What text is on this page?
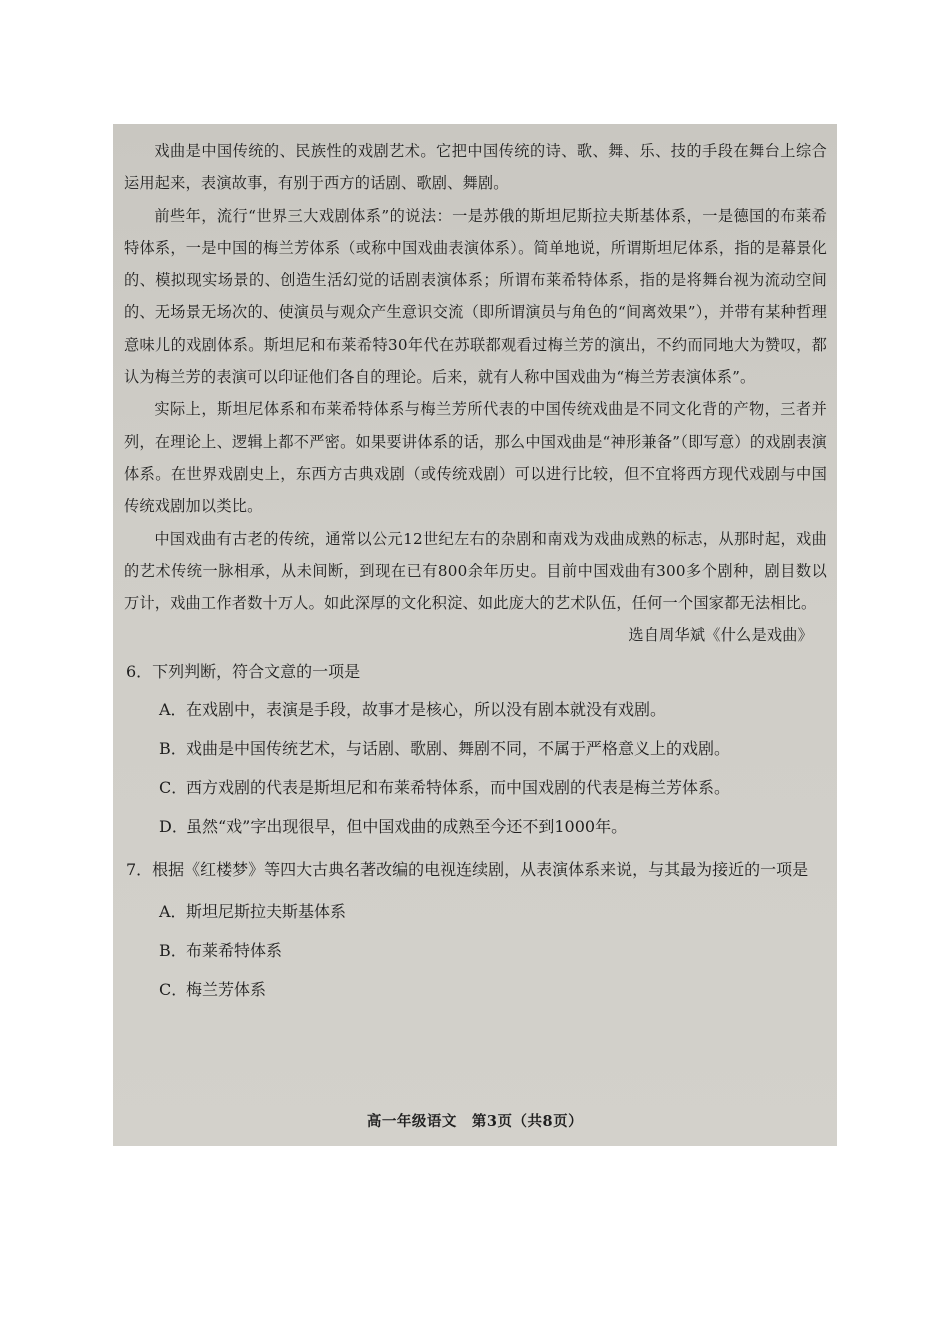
戏曲是中国传统的、民族性的戏剧艺术。它把中国传统的诗、歌、舞、乐、技的手段在舞台上综合运用起来，表演故事，有别于西方的话剧、歌剧、舞剧。

前些年，流行“世界三大戏剧体系”的说法：一是苏俄的斯坦尼斯拉夫斯基体系，一是德国的布莱希特体系，一是中国的梅兰芳体系（或称中国戏曲表演体系）。简单地说，所谓斯坦尼体系，指的是幕景化的、模拟现实场景的、创造生活幻觉的话剧表演体系；所谓布莱希特体系，指的是将舞台视为流动空间的、无场景无场次的、使演员与观众产生意识交流（即所谓演员与角色的“间离效果”），并带有某种哲理意味儿的戏剧体系。斯坦尼和布莱希特30年代在苏联都观看过梅兰芳的演出，不约而同地大为赞叹，都认为梅兰芳的表演可以印证他们各自的理论。后来，就有人称中国戏曲为“梅兰芳表演体系”。

实际上，斯坦尼体系和布莱希特体系与梅兰芳所代表的中国传统戏曲是不同文化背的产物，三者并列，在理论上、逻辑上都不严密。如果要讲体系的话，那么中国戏曲是“神形兼备”（即写意）的戏剧表演体系。在世界戏剧史上，东西方古典戏剧（或传统戏剧）可以进行比较，但不宜将西方现代戏剧与中国传统戏剧加以类比。

中国戏曲有古老的传统，通常以公元12世纪左右的杂剧和南戏为戏曲成熟的标志，从那时起，戏曲的艺术传统一脉相承，从未间断，到现在已有800余年历史。目前中国戏曲有300多个剧种，剧目数以万计，戏曲工作者数十万人。如此深厚的文化积淀、如此庞大的艺术队伍，任何一个国家都无法相比。

选自周华斌《什么是戏曲》

6．下列判断，符合文意的一项是

A．在戏剧中，表演是手段，故事才是核心，所以没有剧本就没有戏剧。

B．戏曲是中国传统艺术，与话剧、歌剧、舞剧不同，不属于严格意义上的戏剧。

C．西方戏剧的代表是斯坦尼和布莱希特体系，而中国戏剧的代表是梅兰芳体系。

D．虽然“戏”字出现很早，但中国戏曲的成熟至今还不到1000年。

7．根据《红楼梦》等四大古典名著改编的电视连续剧，从表演体系来说，与其最为接近的一项是

A．斯坦尼斯拉夫斯基体系

B．布莱希特体系

C．梅兰芳体系

高一年级语文　第3页（共8页）
